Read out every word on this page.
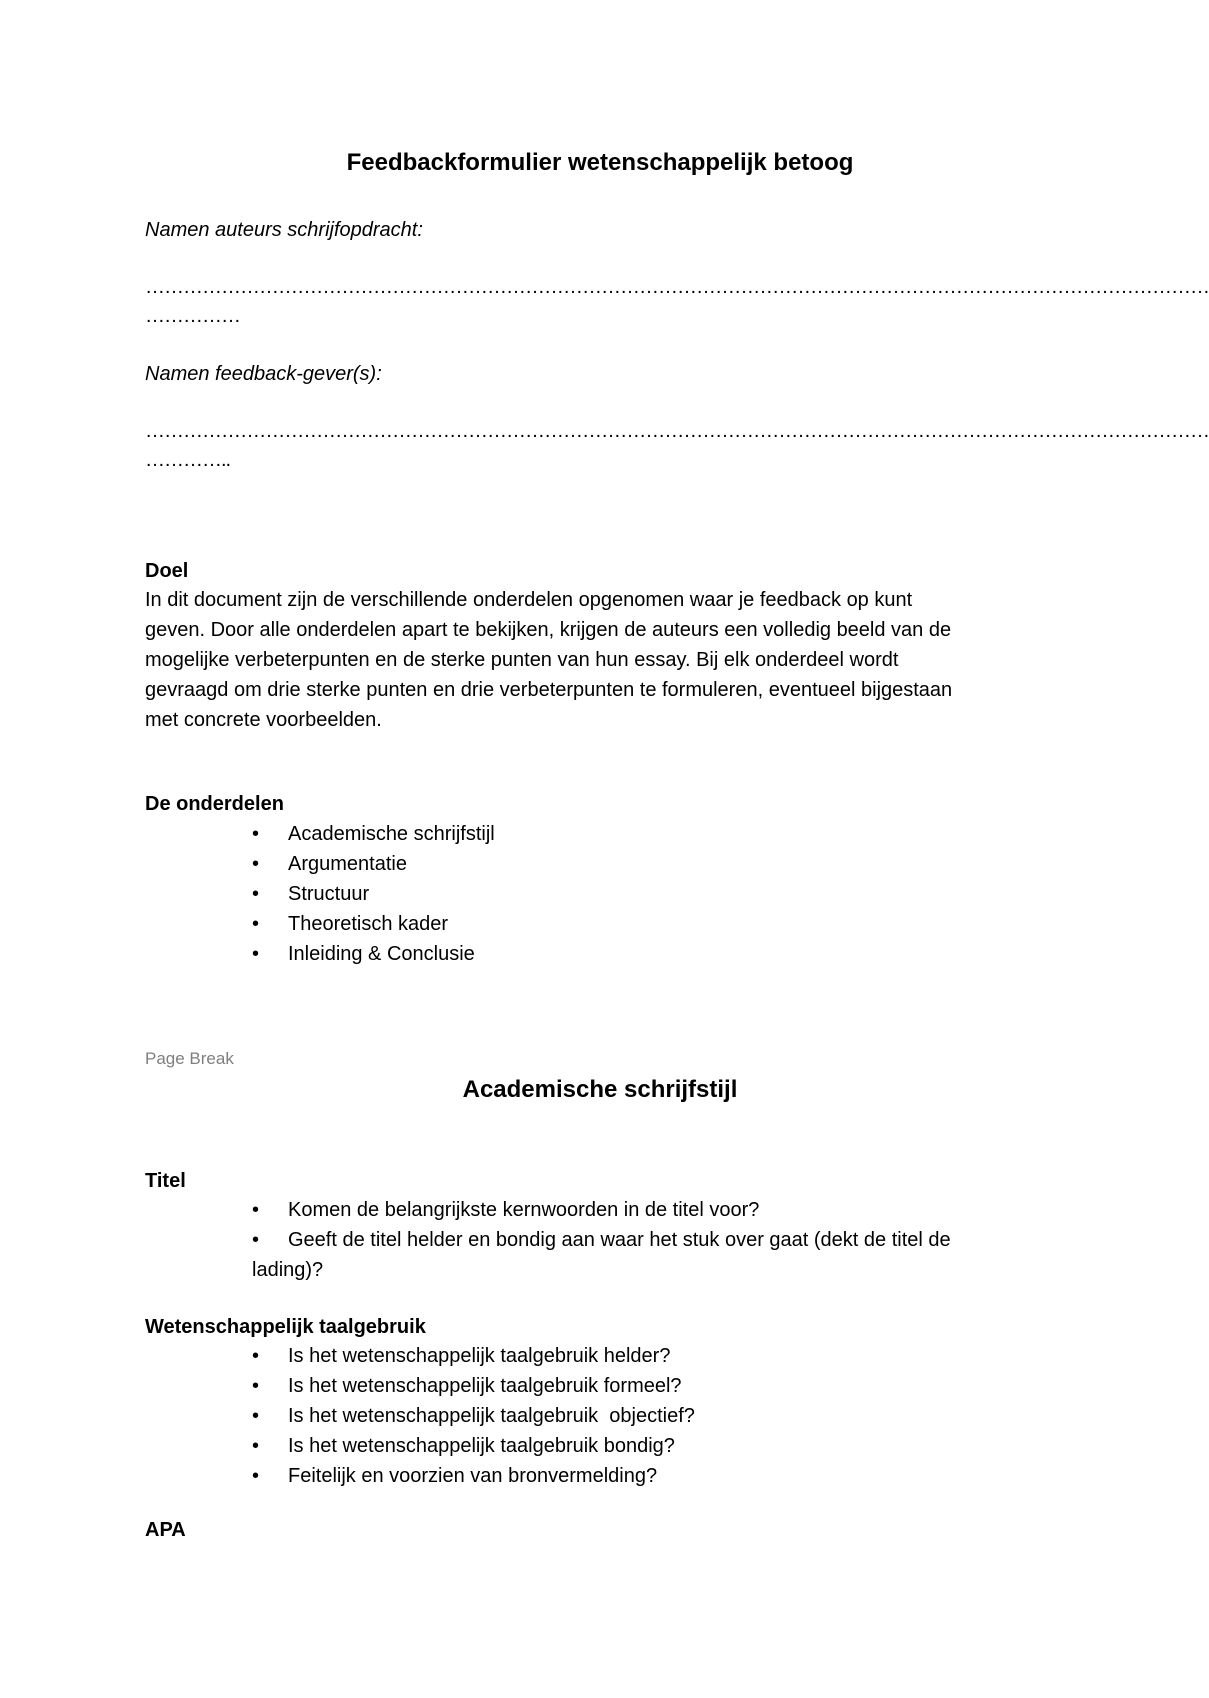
Feedbackformulier wetenschappelijk betoog
Namen auteurs schrijfopdracht:
……………………………………………………………………………………………………………………………………………………
……………
Namen feedback-gever(s):
……………………………………………………………………………………………………………………………………………………
…………..
Doel
In dit document zijn de verschillende onderdelen opgenomen waar je feedback op kunt
geven. Door alle onderdelen apart te bekijken, krijgen de auteurs een volledig beeld van de
mogelijke verbeterpunten en de sterke punten van hun essay. Bij elk onderdeel wordt
gevraagd om drie sterke punten en drie verbeterpunten te formuleren, eventueel bijgestaan
met concrete voorbeelden.
De onderdelen
•	Academische schrijfstijl
•	Argumentatie
•	Structuur
•	Theoretisch kader
•	Inleiding & Conclusie
Page Break
Academische schrijfstijl
Titel
•	Komen de belangrijkste kernwoorden in de titel voor?
•	Geeft de titel helder en bondig aan waar het stuk over gaat (dekt de titel de
lading)?
Wetenschappelijk taalgebruik
•	Is het wetenschappelijk taalgebruik helder?
•	Is het wetenschappelijk taalgebruik formeel?
•	Is het wetenschappelijk taalgebruik  objectief?
•	Is het wetenschappelijk taalgebruik bondig?
•	Feitelijk en voorzien van bronvermelding?
APA
